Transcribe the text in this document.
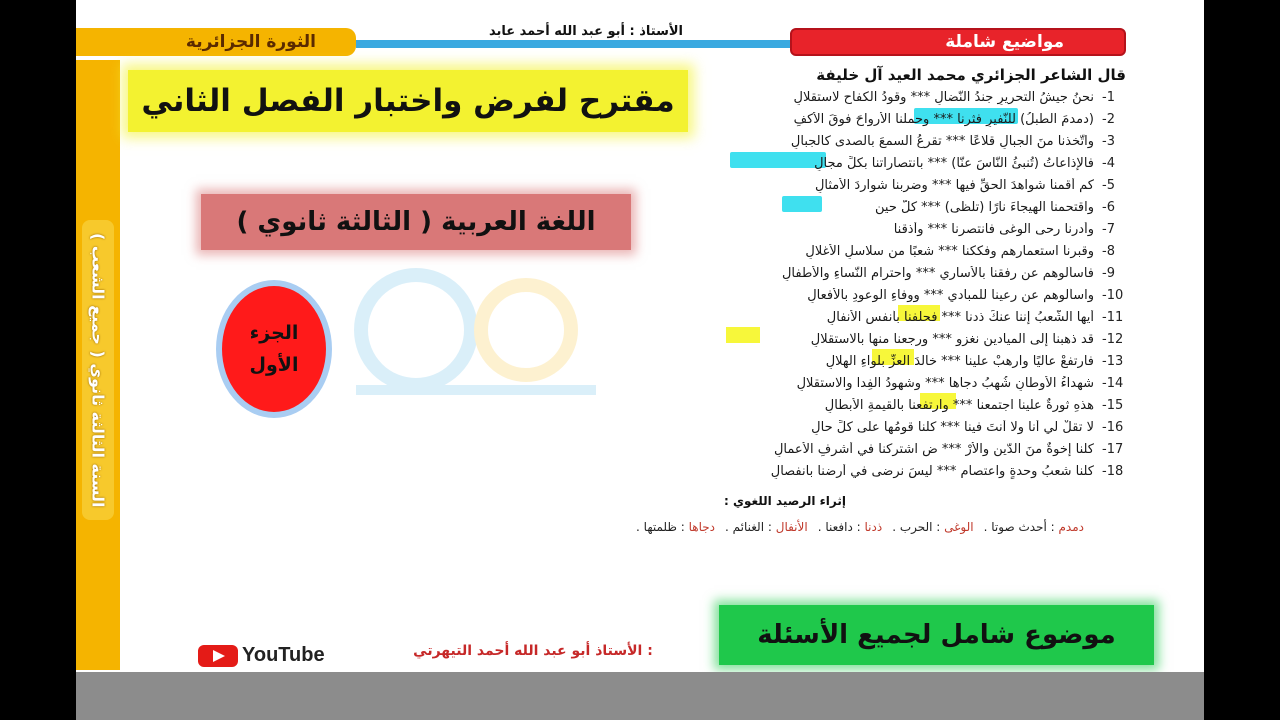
الثورة الجزائرية
الأستاذ : أبو عبد الله أحمد عابد
مواضيع شاملة
السنة الثالثة ثانوي ( جميع الشعب )
قال الشاعر الجزائري محمد العيد آل خليفة
-1
نحنُ جيشُ التحريرِ جندُ النّضالِ *** وقودُ الكفاحِ لاستقلالِ
-2
(دمدمَ الطّبلُ) للنّفيرِ فثرنا *** وحملنا الأرواحَ فوقَ الأكفِ
-3
واتّخذنا منَ الجبالِ قلاعًا *** تقرعُ السمعَ بالصدى كالجبالِ
-4
فالإذاعاتُ (تُنبئُ النّاسَ عنّا) *** بانتصاراتنا بكلِّ مجالِ
-5
كم أقمنا شواهدَ الحقِّ فيها *** وضربنا شواردَ الأمثالِ
-6
واقتحمنا الهيجاءَ نارًا (تلظّى) *** كلُّ حينٍ
-7
وأدرنا رحى الوغى فانتصرنا *** وأذقنا
-8
وقبرنا استعمارهم وفككنا *** شعبًا من سلاسلِ الأغلالِ
-9
فاسألوهم عن رفقنا بالأساري *** واحترامِ النّساءِ والأطفالِ
-10
واسألوهم عن رعينا للمبادي *** ووفاءِ الوعودِ بالأفعالِ
-11
أيها الشّعبُ إننا عنكَ ذدنا *** فحلفنا بأنفسِ الأنفالِ
-12
قد ذهبنا إلى الميادينِ نغزو *** ورجعنا منها بالاستقلالِ
-13
فارتفعْ عاليًا وارهبْ علينا *** خالدَ العزِّ بلواءِ الهلالِ
-14
شهداءُ الأوطانِ شُهبُ دجاها *** وشهودُ الفِدا والاستقلالِ
-15
هذهِ ثورةٌ علينا اجتمعنا *** وارتفعنا بالقيمةِ الأبطالِ
-16
لا تقلْ لي أنا ولا أنتَ فينا *** كلّنا قومُها على كلِّ حالِ
-17
كلّنا إخوةٌ منَ الدّينِ والأرْ *** ضِ اشتركنا في أشرفِ الأعمالِ
-18
كلّنا شعبُ وحدةٍ واعتصامٍ *** ليسَ نرضى في أرضنا بانفصالِ
إثراء الرصيد اللغوي :
دمدم : أحدث صوتا .الوغى : الحرب .ذدنا : دافعنا .الأنفال : الغنائم .دجاها : ظلمتها .
مقترح لفرض واختبار الفصل الثاني
اللغة العربية ( الثالثة ثانوي )
الجزء
الأول
موضوع شامل لجميع الأسئلة
: الأستاذ أبو عبد الله أحمد التيهرتي
YouTube
